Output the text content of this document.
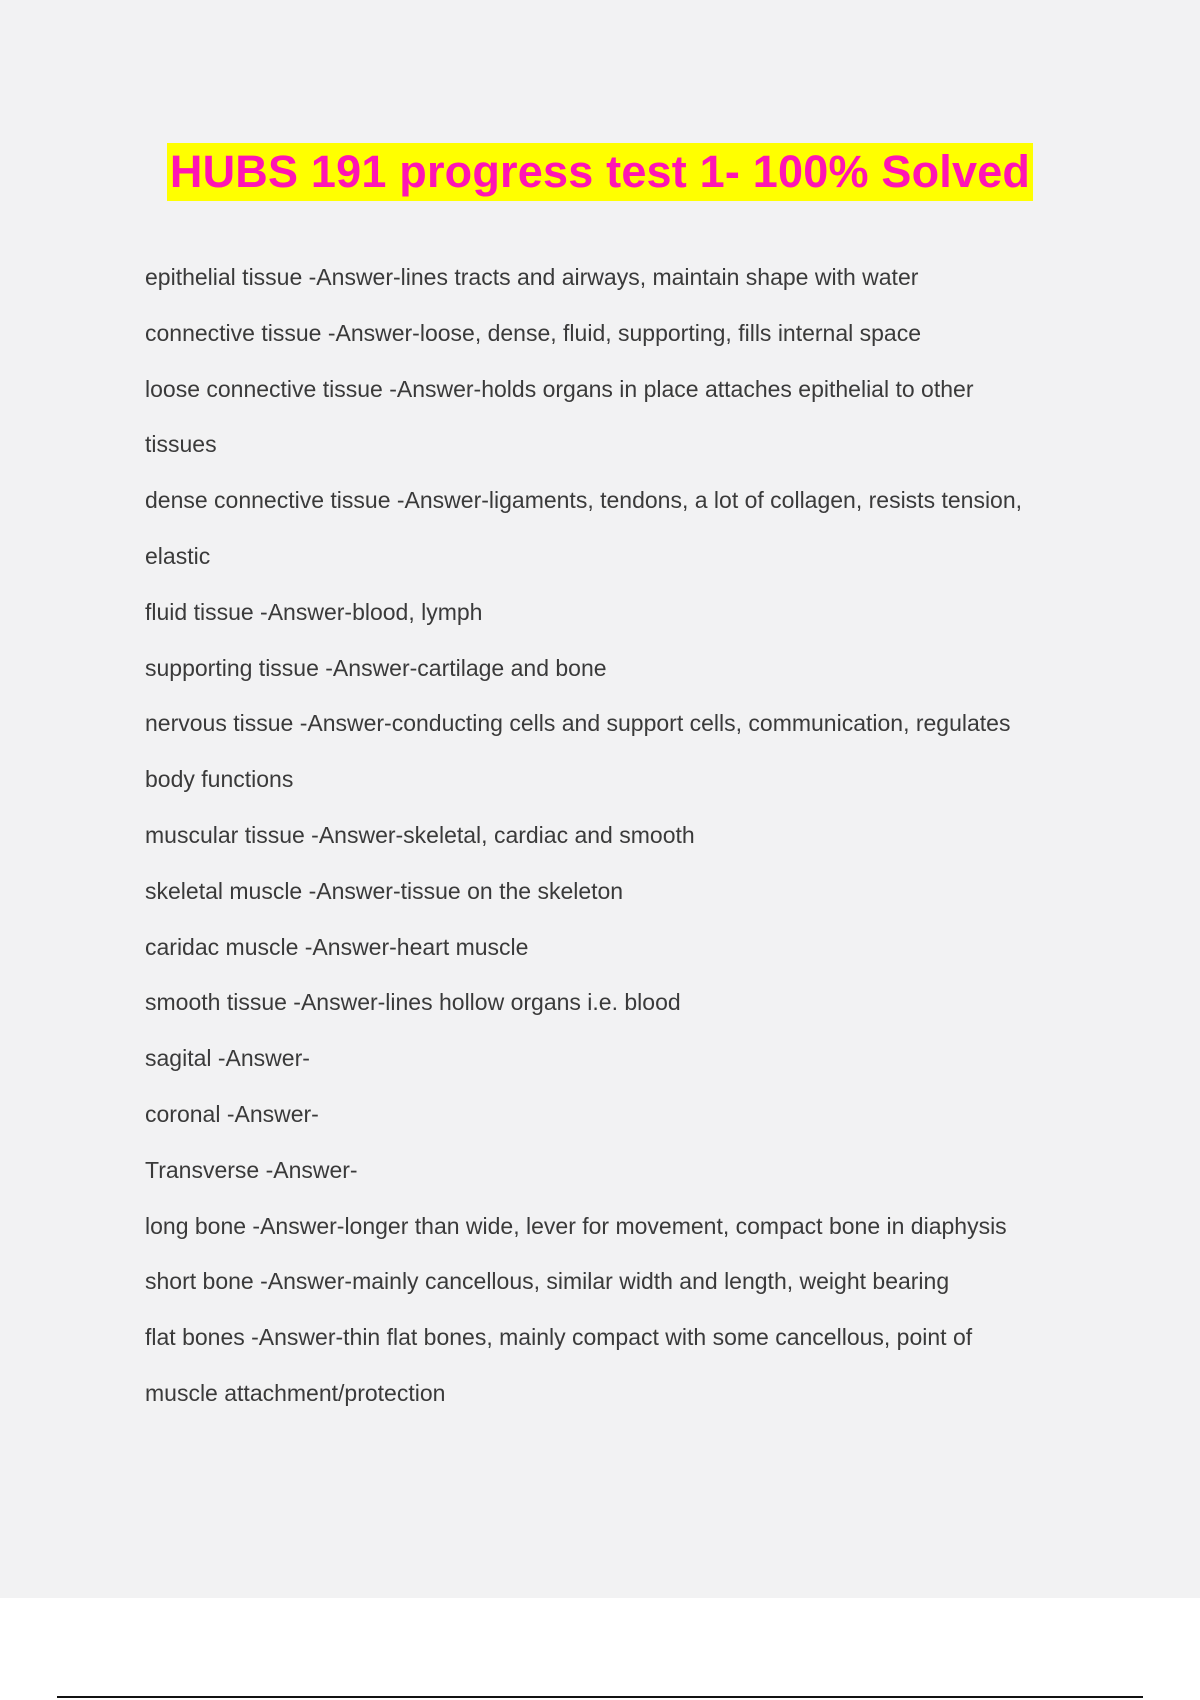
HUBS 191 progress test 1- 100% Solved
epithelial tissue -Answer-lines tracts and airways, maintain shape with water
connective tissue -Answer-loose, dense, fluid, supporting, fills internal space
loose connective tissue -Answer-holds organs in place attaches epithelial to other
tissues
dense connective tissue -Answer-ligaments, tendons, a lot of collagen, resists tension,
elastic
fluid tissue -Answer-blood, lymph
supporting tissue -Answer-cartilage and bone
nervous tissue -Answer-conducting cells and support cells, communication, regulates
body functions
muscular tissue -Answer-skeletal, cardiac and smooth
skeletal muscle -Answer-tissue on the skeleton
caridac muscle -Answer-heart muscle
smooth tissue -Answer-lines hollow organs i.e. blood
sagital -Answer-
coronal -Answer-
Transverse -Answer-
long bone -Answer-longer than wide, lever for movement, compact bone in diaphysis
short bone -Answer-mainly cancellous, similar width and length, weight bearing
flat bones -Answer-thin flat bones, mainly compact with some cancellous, point of
muscle attachment/protection
